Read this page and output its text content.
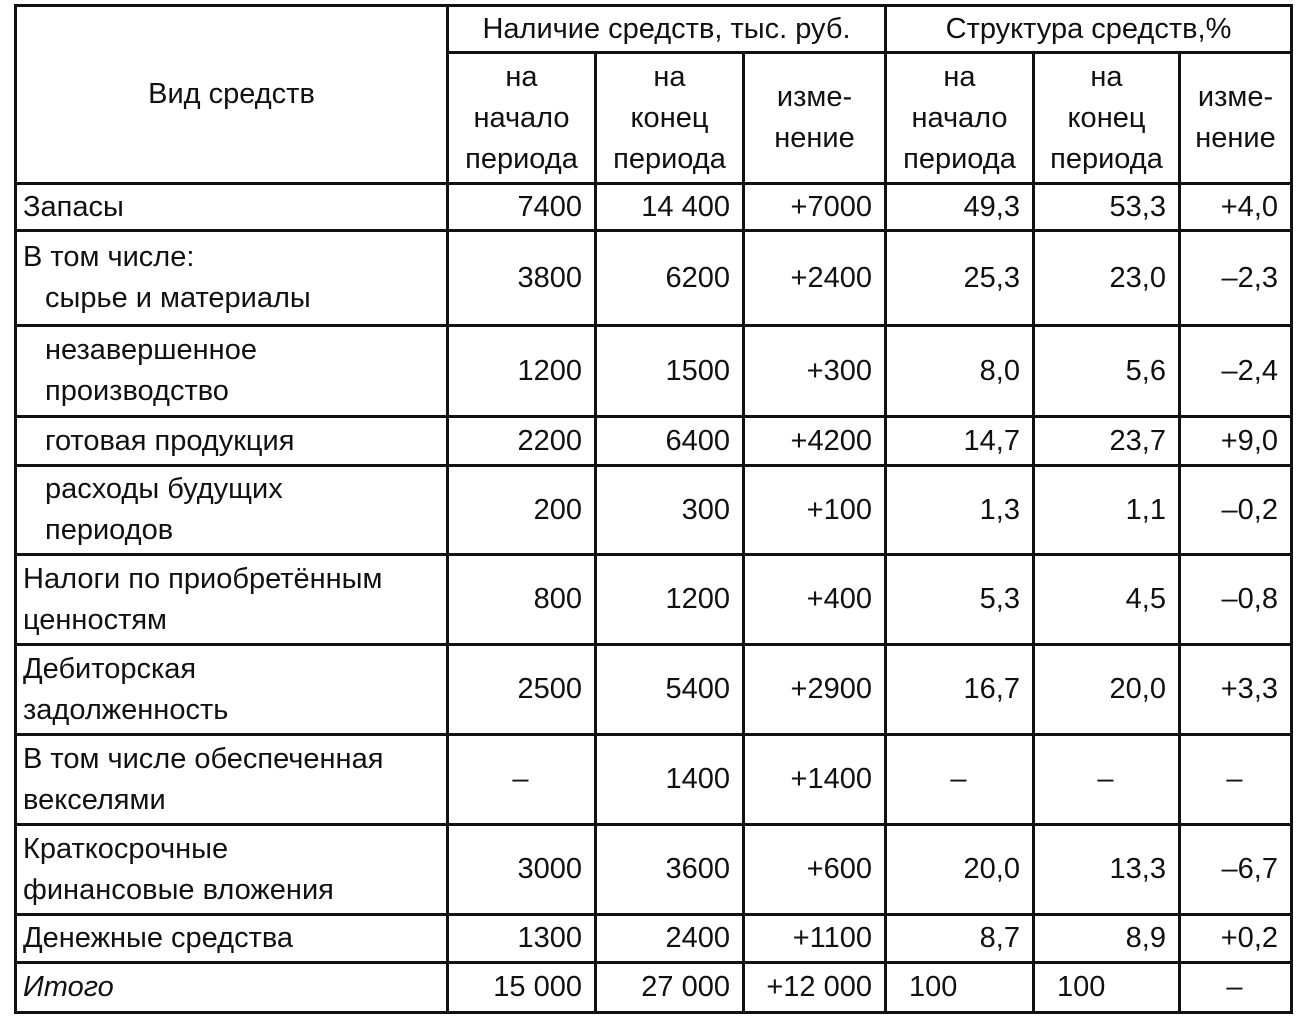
Вид средств	Наличие средств, тыс. руб.			Структура средств,%		

	на
начало
периода	на
конец
периода	изме-
нение	на
начало
периода	на
конец
периода	изме-
нение

Запасы	7400	14 400	+7000	49,3	53,3	+4,0

В том числе:
сырье и материалы	3800	6200	+2400	25,3	23,0	–2,3

незавершенное
производство	1200	1500	+300	8,0	5,6	–2,4
готовая продукция	2200	6400	+4200	14,7	23,7	+9,0

расходы будущих
периодов	200	300	+100	1,3	1,1	–0,2

Налоги по приобретённым
ценностям	800	1200	+400	5,3	4,5	–0,8

Дебиторская
задолженность	2500	5400	+2900	16,7	20,0	+3,3

В том числе обеспеченная
векселями	–	1400	+1400	–	–	–

Краткосрочные
финансовые вложения	3000	3600	+600	20,0	13,3	–6,7
Денежные средства	1300	2400	+1100	8,7	8,9	+0,2
Итого	15 000	27 000	+12 000	100	100	–
